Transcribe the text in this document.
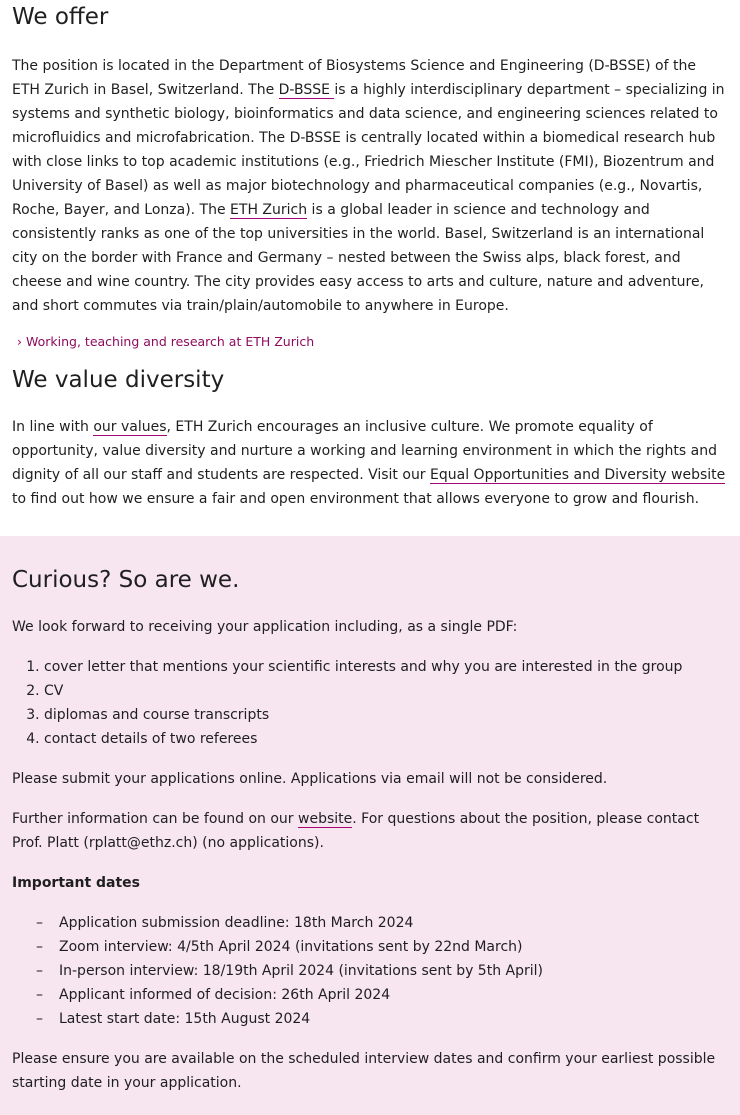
We offer

The position is located in the Department of Biosystems Science and Engineering (D-BSSE) of the ETH Zurich in Basel, Switzerland. The D-BSSE is a highly interdisciplinary department – specializing in systems and synthetic biology, bioinformatics and data science, and engineering sciences related to microfluidics and microfabrication. The D-BSSE is centrally located within a biomedical research hub with close links to top academic institutions (e.g., Friedrich Miescher Institute (FMI), Biozentrum and University of Basel) as well as major biotechnology and pharmaceutical companies (e.g., Novartis, Roche, Bayer, and Lonza). The ETH Zurich is a global leader in science and technology and consistently ranks as one of the top universities in the world. Basel, Switzerland is an international city on the border with France and Germany – nested between the Swiss alps, black forest, and cheese and wine country. The city provides easy access to arts and culture, nature and adventure, and short commutes via train/plain/automobile to anywhere in Europe.

› Working, teaching and research at ETH Zurich
We value diversity

In line with our values, ETH Zurich encourages an inclusive culture. We promote equality of opportunity, value diversity and nurture a working and learning environment in which the rights and dignity of all our staff and students are respected. Visit our Equal Opportunities and Diversity website to find out how we ensure a fair and open environment that allows everyone to grow and flourish.

Curious? So are we.

We look forward to receiving your application including, as a single PDF:

1. cover letter that mentions your scientific interests and why you are interested in the group
2. CV
3. diplomas and course transcripts
4. contact details of two referees

Please submit your applications online. Applications via email will not be considered.

Further information can be found on our website. For questions about the position, please contact Prof. Platt (rplatt@ethz.ch) (no applications).

Important dates

– Application submission deadline: 18th March 2024
– Zoom interview: 4/5th April 2024 (invitations sent by 22nd March)
– In-person interview: 18/19th April 2024 (invitations sent by 5th April)
– Applicant informed of decision: 26th April 2024
– Latest start date: 15th August 2024

Please ensure you are available on the scheduled interview dates and confirm your earliest possible starting date in your application.
